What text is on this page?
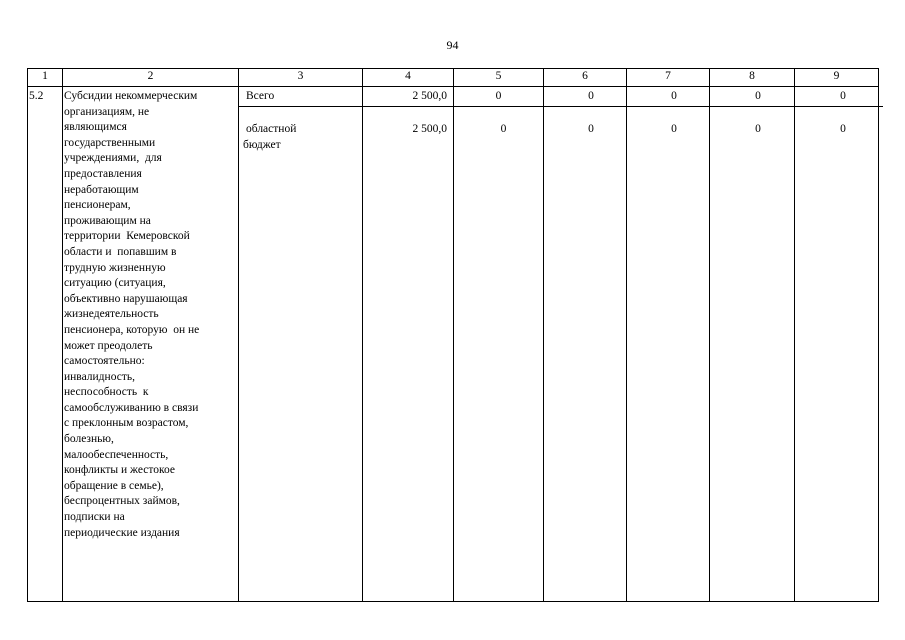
94
1	2	3	4	5	6	7	8	9
5.2 Субсидии некоммерческим
организациям, не
являющимся
государственными
учреждениями,  для
предоставления
неработающим
пенсионерам,
проживающим на
территории  Кемеровской
области и  попавшим в
трудную жизненную
ситуацию (ситуация,
объективно нарушающая
жизнедеятельность
пенсионера, которую  он не
может преодолеть
самостоятельно:
инвалидность,
неспособность  к
самообслуживанию в связи
с преклонным возрастом,
болезнью,
малообеспеченность,
конфликты и жестокое
обращение в семье),
беспроцентных займов,
подписки на
периодические издания
Всего	2 500,0	0	0	0	0	0
областной
бюджет
2 500,0	0	0	0	0	0
